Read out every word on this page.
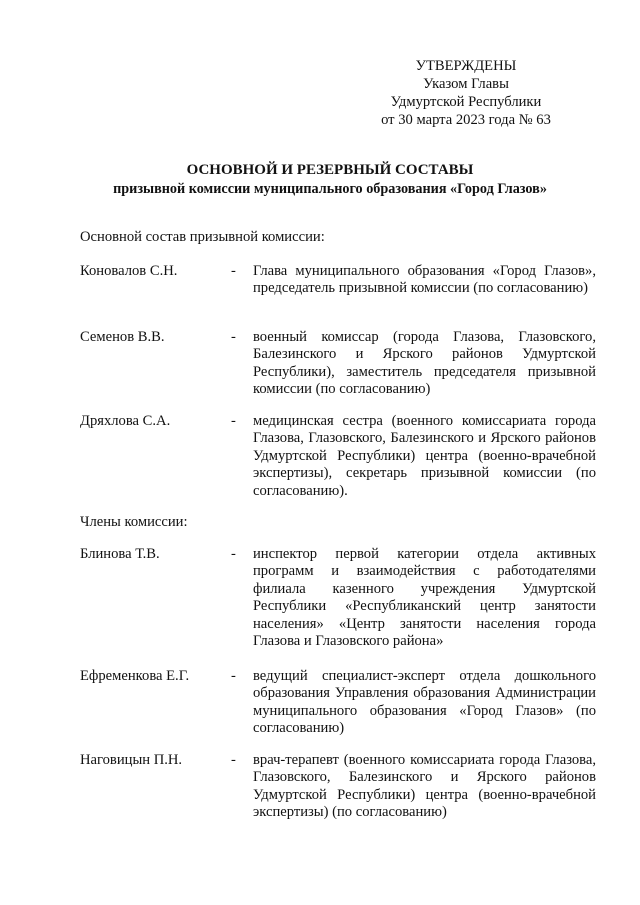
УТВЕРЖДЕНЫ
Указом Главы
Удмуртской Республики
от 30 марта 2023 года № 63
ОСНОВНОЙ И РЕЗЕРВНЫЙ СОСТАВЫ
призывной комиссии муниципального образования «Город Глазов»
Основной состав призывной комиссии:
Коновалов С.Н.	- Глава муниципального образования «Город Глазов», председатель призывной комиссии (по согласованию)
Семенов В.В.	- военный комиссар (города Глазова, Глазовского, Балезинского и Ярского районов Удмуртской Республики), заместитель председателя призывной комиссии (по согласованию)
Дряхлова С.А.	- медицинская сестра (военного комиссариата города Глазова, Глазовского, Балезинского и Ярского районов Удмуртской Республики) центра (военно-врачебной экспертизы), секретарь призывной комиссии (по согласованию).
Члены комиссии:
Блинова Т.В.	- инспектор первой категории отдела активных программ и взаимодействия с работодателями филиала казенного учреждения Удмуртской Республики «Республиканский центр занятости населения» «Центр занятости населения города Глазова и Глазовского района»
Ефременкова Е.Г.	- ведущий специалист-эксперт отдела дошкольного образования Управления образования Администрации муниципального образования «Город Глазов» (по согласованию)
Наговицын П.Н.	- врач-терапевт (военного комиссариата города Глазова, Глазовского, Балезинского и Ярского районов Удмуртской Республики) центра (военно-врачебной экспертизы) (по согласованию)
